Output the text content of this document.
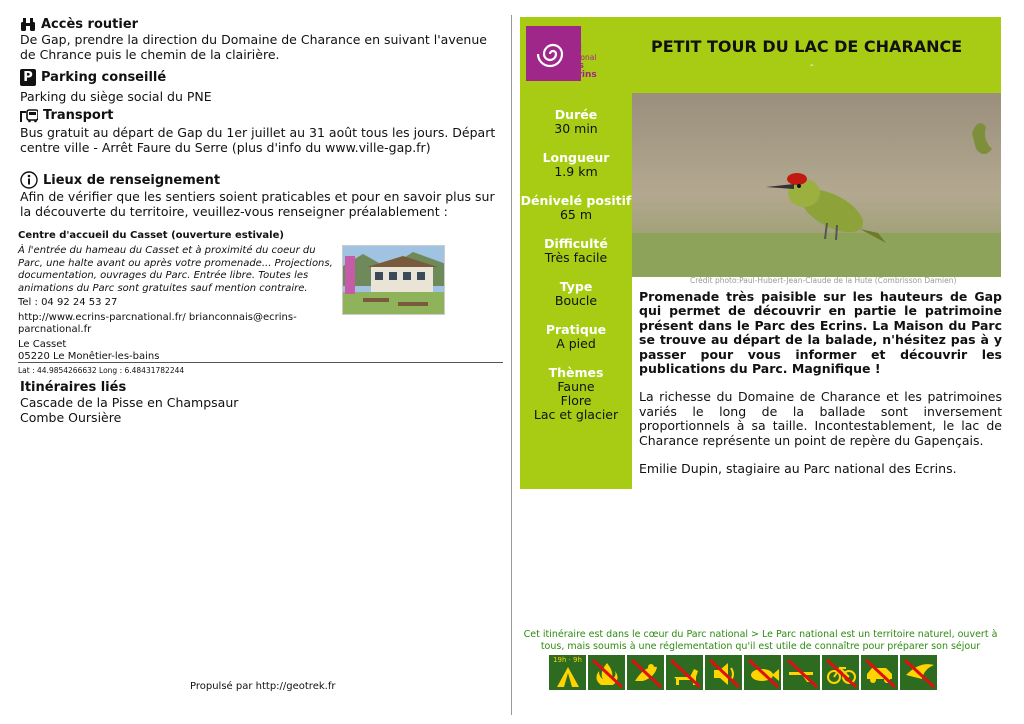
Accès routier
De Gap, prendre la direction du Domaine de Charance en suivant l'avenue de Chrance puis le chemin de la clairière.
P Parking conseillé
Parking du siège social du PNE
Transport
Bus gratuit au départ de Gap du 1er juillet au 31 août tous les jours. Départ centre ville - Arrêt Faure du Serre (plus d'info du www.ville-gap.fr)
Lieux de renseignement
Afin de vérifier que les sentiers soient praticables et pour en savoir plus sur la découverte du territoire, veuillez-vous renseigner préalablement :
Centre d'accueil du Casset (ouverture estivale)
À l'entrée du hameau du Casset et à proximité du coeur du Parc, une halte avant ou après votre promenade... Projections, documentation, ouvrages du Parc. Entrée libre. Toutes les animations du Parc sont gratuites sauf mention contraire.
Tel : 04 92 24 53 27
http://www.ecrins-parcnational.fr/ brianconnais@ecrins-parcnational.fr
Le Casset
05220 Le Monêtier-les-bains
Lat : 44.9854266632 Long : 6.48431782244
Itinéraires liés
Cascade de la Pisse en Champsaur
Combe Oursière
Propulsé par http://geotrek.fr
Parc national
des Ecrins
PETIT TOUR DU LAC DE CHARANCE
-
Durée
30 min
Longueur
1.9 km
Dénivelé positif
65 m
Difficulté
Très facile
Type
Boucle
Pratique
A pied
Thèmes
Faune
Flore
Lac et glacier
Crédit photo:Paul-Hubert-Jean-Claude de la Hute (Combrisson Damien)

Promenade très paisible sur les hauteurs de Gap qui permet de découvrir en partie le patrimoine présent dans le Parc des Ecrins. La Maison du Parc se trouve au départ de la balade, n'hésitez pas à y passer pour vous informer et découvrir les publications du Parc. Magnifique !

La richesse du Domaine de Charance et les patrimoines variés le long de la ballade sont inversement proportionnels à sa taille. Incontestablement, le lac de Charance représente un point de repère du Gapençais.

Emilie Dupin, stagiaire au Parc national des Ecrins.

Cet itinéraire est dans le cœur du Parc national > Le Parc national est un territoire naturel, ouvert à tous, mais soumis à une réglementation qu'il est utile de connaître pour préparer son séjour
19h · 9h
